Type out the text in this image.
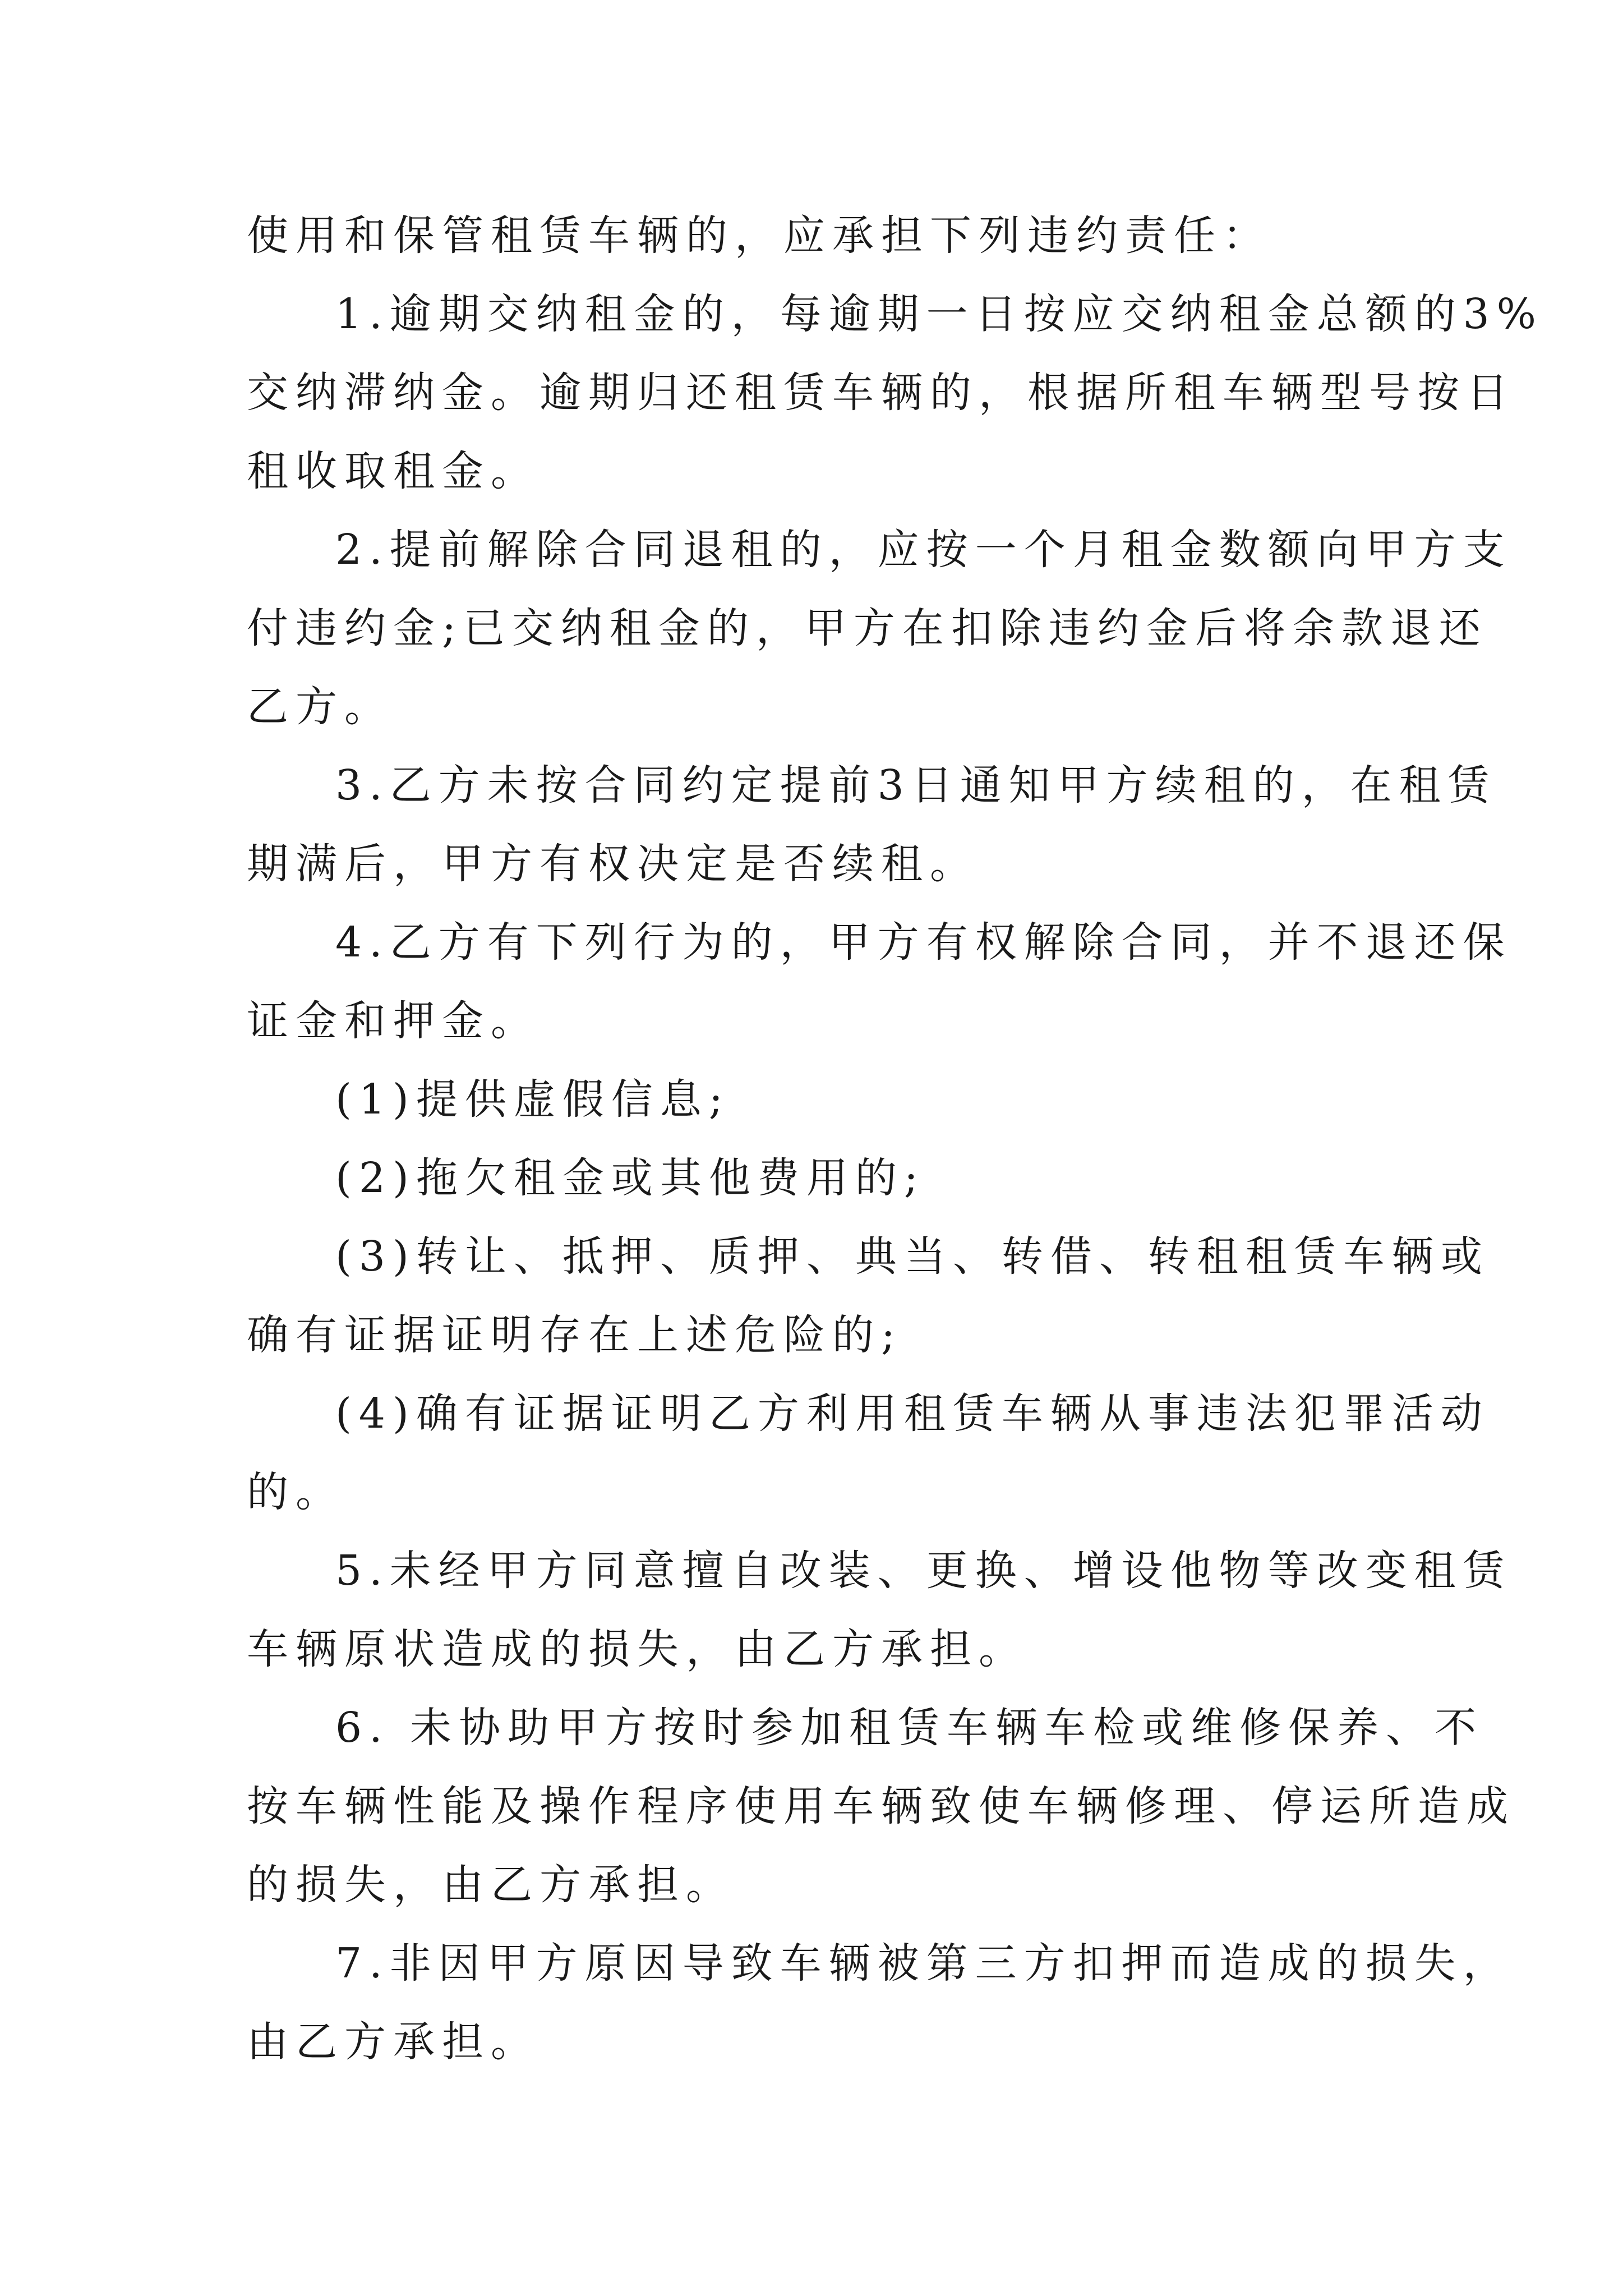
使用和保管租赁车辆的，应承担下列违约责任：
1.逾期交纳租金的，每逾期一日按应交纳租金总额的3%
交纳滞纳金。逾期归还租赁车辆的，根据所租车辆型号按日
租收取租金。
2.提前解除合同退租的，应按一个月租金数额向甲方支
付违约金;已交纳租金的，甲方在扣除违约金后将余款退还
乙方。
3.乙方未按合同约定提前3日通知甲方续租的，在租赁
期满后，甲方有权决定是否续租。
4.乙方有下列行为的，甲方有权解除合同，并不退还保
证金和押金。
(1)提供虚假信息;
(2)拖欠租金或其他费用的;
(3)转让、抵押、质押、典当、转借、转租租赁车辆或
确有证据证明存在上述危险的;
(4)确有证据证明乙方利用租赁车辆从事违法犯罪活动
的。
5.未经甲方同意擅自改装、更换、增设他物等改变租赁
车辆原状造成的损失，由乙方承担。
6. 未协助甲方按时参加租赁车辆车检或维修保养、不
按车辆性能及操作程序使用车辆致使车辆修理、停运所造成
的损失，由乙方承担。
7.非因甲方原因导致车辆被第三方扣押而造成的损失，
由乙方承担。
